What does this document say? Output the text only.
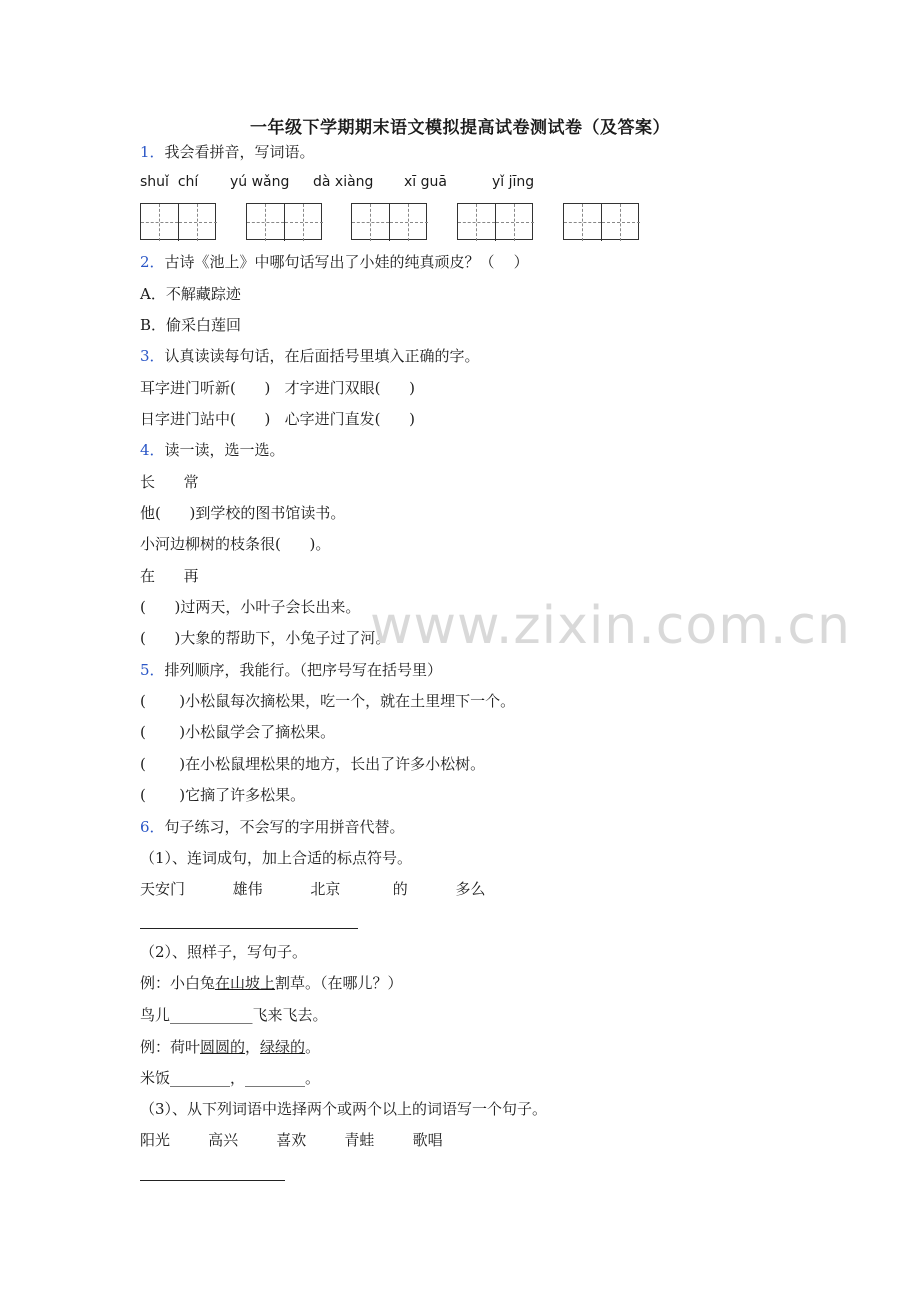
一年级下学期期末语文模拟提高试卷测试卷（及答案）
1．我会看拼音，写词语。
shuǐ  chí yú wǎng dà xiàng xī guā	yǐ jīng
2．古诗《池上》中哪句话写出了小娃的纯真顽皮？（    ）
A．不解藏踪迹
B．偷采白莲回
3．认真读读每句话，在后面括号里填入正确的字。
耳字进门听新(      )   才字进门双眼(      )
日字进门站中(      )   心字进门直发(      )
4．读一读，选一选。
长      常
他(      )到学校的图书馆读书。
小河边柳树的枝条很(      )。
在      再
(      )过两天，小叶子会长出来。
(      )大象的帮助下，小兔子过了河。
5．排列顺序，我能行。（把序号写在括号里）
(       )小松鼠每次摘松果，吃一个，就在土里埋下一个。
(       )小松鼠学会了摘松果。
(       )在小松鼠埋松果的地方，长出了许多小松树。
(       )它摘了许多松果。
6．句子练习，不会写的字用拼音代替。
（1）、连词成句，加上合适的标点符号。
天安门          雄伟          北京           的          多么
（2）、照样子，写句子。
例：小白兔在山坡上割草。（在哪儿？）
鸟儿___________飞来飞去。
例：荷叶圆圆的，绿绿的。
米饭________，________。
（3）、从下列词语中选择两个或两个以上的词语写一个句子。
阳光        高兴        喜欢        青蛙        歌唱
www.zixin.com.cn
